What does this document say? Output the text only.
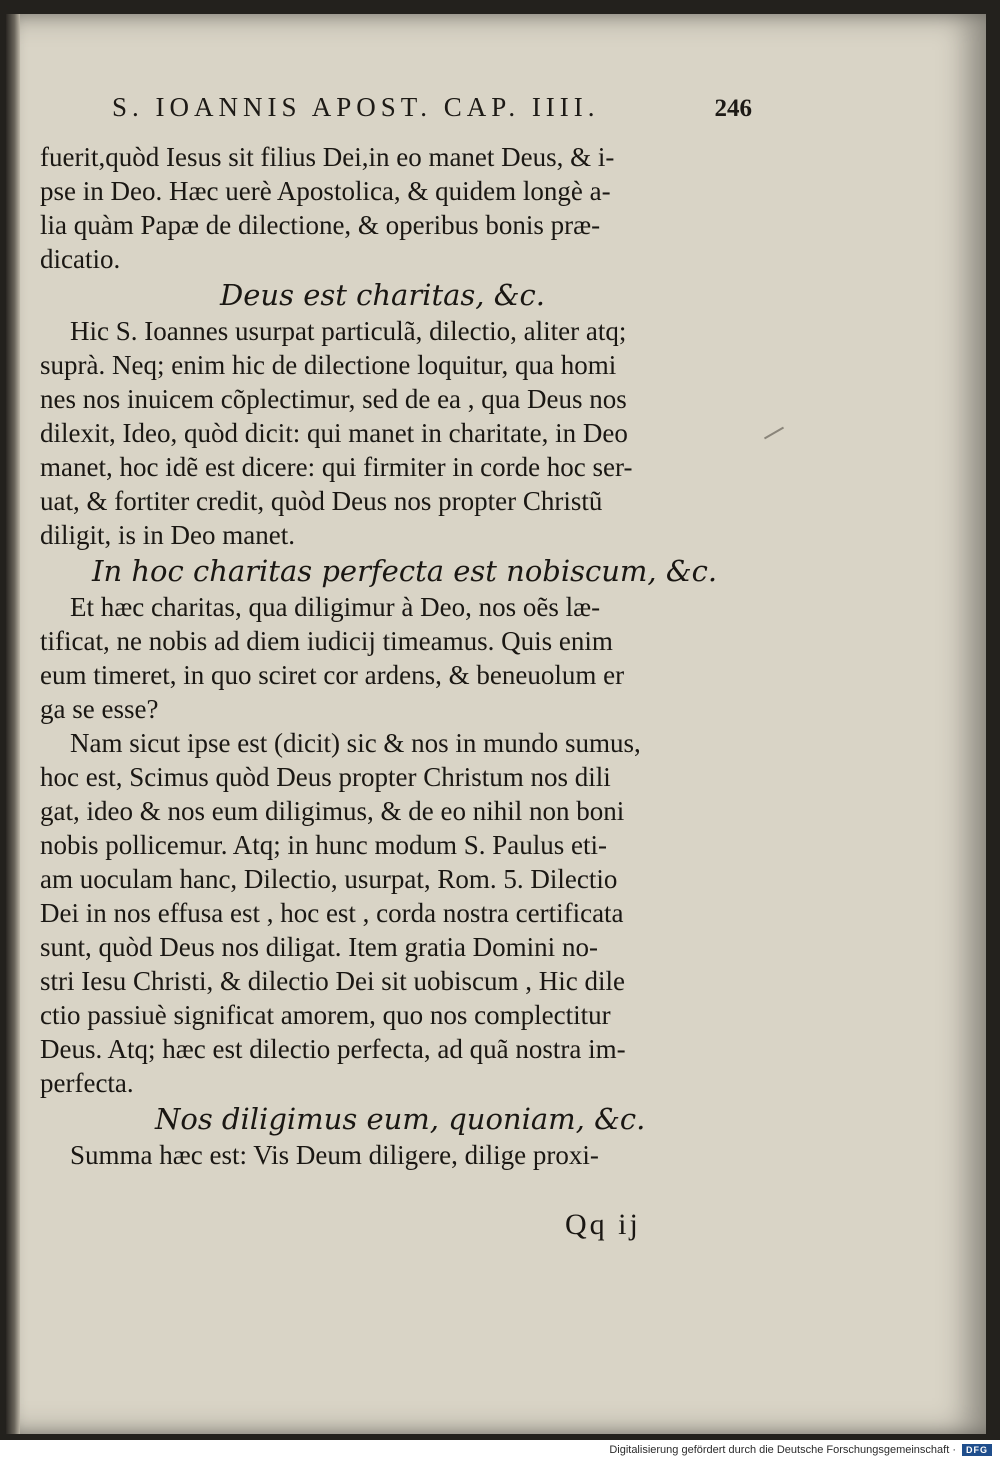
S. IOANNIS APOST. CAP. IIII.	246
fuerit,quòd Iesus sit filius Dei,in eo manet Deus, & i-
pse in Deo. Hæc uerè Apostolica, & quidem longè a-
lia quàm Papæ de dilectione, & operibus bonis præ-
dicatio.
Deus est charitas, &c.
Hic S. Ioannes usurpat particulã, dilectio, aliter atq;
suprà. Neq; enim hic de dilectione loquitur, qua homi
nes nos inuicem cõplectimur, sed de ea , qua Deus nos
dilexit, Ideo, quòd dicit: qui manet in charitate, in Deo
manet, hoc idẽ est dicere: qui firmiter in corde hoc ser-
uat, & fortiter credit, quòd Deus nos propter Christũ
diligit, is in Deo manet.
In hoc charitas perfecta est nobiscum, &c.
Et hæc charitas, qua diligimur à Deo, nos oẽs læ-
tificat, ne nobis ad diem iudicij timeamus. Quis enim
eum timeret, in quo sciret cor ardens, & beneuolum er
ga se esse?
Nam sicut ipse est (dicit) sic & nos in mundo sumus,
hoc est, Scimus quòd Deus propter Christum nos dili
gat, ideo & nos eum diligimus, & de eo nihil non boni
nobis pollicemur. Atq; in hunc modum S. Paulus eti-
am uoculam hanc, Dilectio, usurpat, Rom. 5. Dilectio
Dei in nos effusa est , hoc est , corda nostra certificata
sunt, quòd Deus nos diligat. Item gratia Domini no-
stri Iesu Christi, & dilectio Dei sit uobiscum , Hic dile
ctio passiuè significat amorem, quo nos complectitur
Deus. Atq; hæc est dilectio perfecta, ad quã nostra im-
perfecta.
Nos diligimus eum, quoniam, &c.
Summa hæc est: Vis Deum diligere, dilige proxi-
Qq ij
Digitalisierung gefördert durch die Deutsche Forschungsgemeinschaft ·	DFG
